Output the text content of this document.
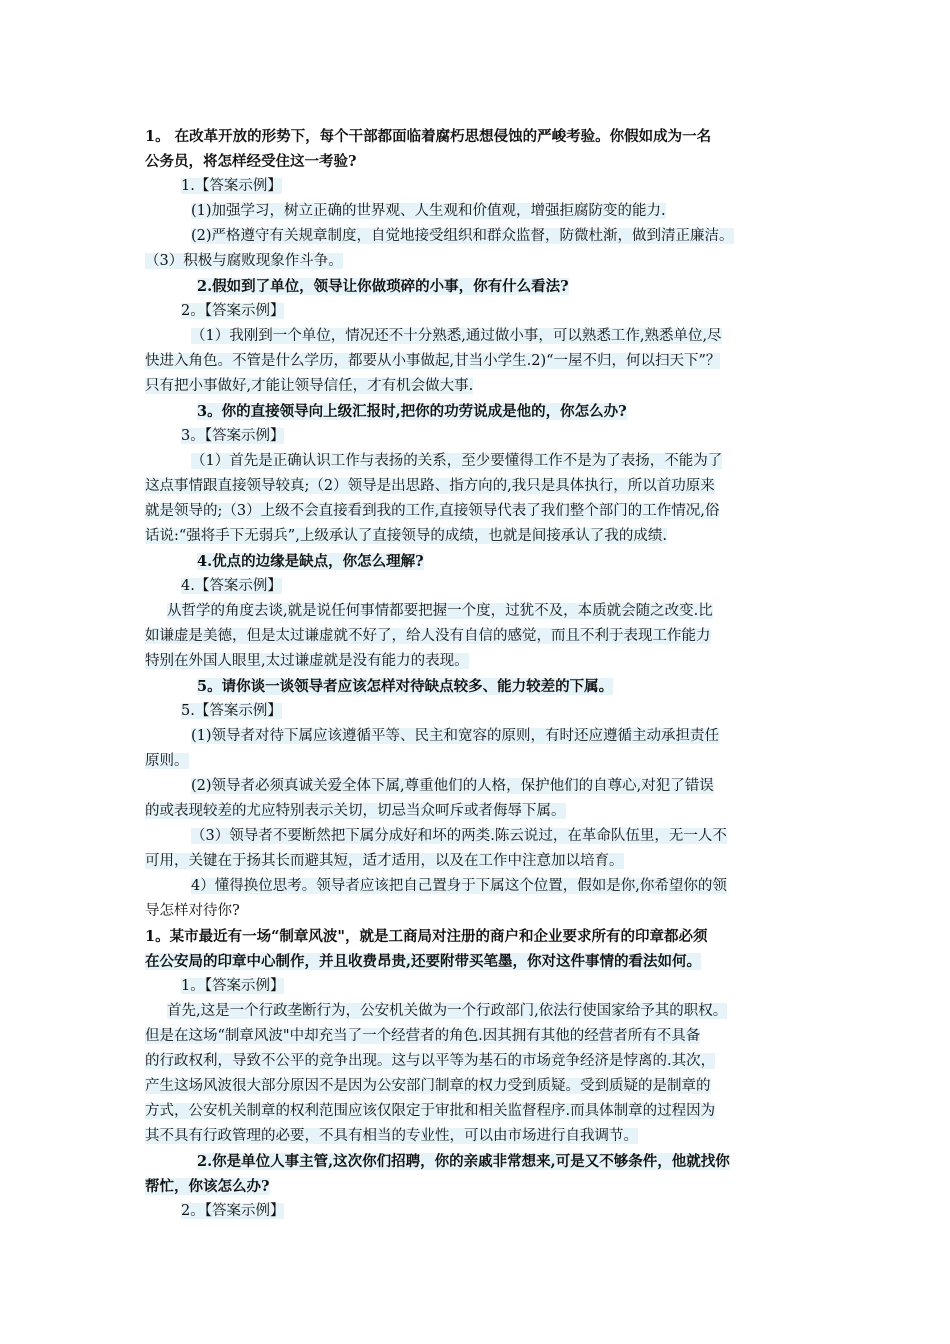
1。 在改革开放的形势下，每个干部都面临着腐朽思想侵蚀的严峻考验。你假如成为一名
公务员，将怎样经受住这一考验?
1.【答案示例】
(1)加强学习，树立正确的世界观、人生观和价值观，增强拒腐防变的能力.
(2)严格遵守有关规章制度，自觉地接受组织和群众监督，防微杜渐，做到清正廉洁。
（3）积极与腐败现象作斗争。
2.假如到了单位，领导让你做琐碎的小事，你有什么看法?
2。【答案示例】
（1）我刚到一个单位，情况还不十分熟悉,通过做小事，可以熟悉工作,熟悉单位,尽
快进入角色。不管是什么学历，都要从小事做起,甘当小学生.2)“一屋不归，何以扫天下”？
只有把小事做好,才能让领导信任，才有机会做大事.
3。你的直接领导向上级汇报时,把你的功劳说成是他的，你怎么办?
3。【答案示例】
（1）首先是正确认识工作与表扬的关系，至少要懂得工作不是为了表扬，不能为了
这点事情跟直接领导较真;（2）领导是出思路、指方向的,我只是具体执行，所以首功原来
就是领导的;（3）上级不会直接看到我的工作,直接领导代表了我们整个部门的工作情况,俗
话说:“强将手下无弱兵”,上级承认了直接领导的成绩，也就是间接承认了我的成绩.
4.优点的边缘是缺点，你怎么理解?
4.【答案示例】
从哲学的角度去谈,就是说任何事情都要把握一个度，过犹不及，本质就会随之改变.比
如谦虚是美德，但是太过谦虚就不好了，给人没有自信的感觉，而且不利于表现工作能力
特别在外国人眼里,太过谦虚就是没有能力的表现。
5。请你谈一谈领导者应该怎样对待缺点较多、能力较差的下属。
5.【答案示例】
(1)领导者对待下属应该遵循平等、民主和宽容的原则，有时还应遵循主动承担责任
原则。
(2)领导者必须真诚关爱全体下属,尊重他们的人格，保护他们的自尊心,对犯了错误
的或表现较差的尤应特别表示关切，切忌当众呵斥或者侮辱下属。
（3）领导者不要断然把下属分成好和坏的两类.陈云说过，在革命队伍里，无一人不
可用，关键在于扬其长而避其短，适才适用，以及在工作中注意加以培育。
4）懂得换位思考。领导者应该把自己置身于下属这个位置，假如是你,你希望你的领
导怎样对待你?
1。某市最近有一场“制章风波"，就是工商局对注册的商户和企业要求所有的印章都必须
在公安局的印章中心制作，并且收费昂贵,还要附带买笔墨，你对这件事情的看法如何。
1。【答案示例】
首先,这是一个行政垄断行为，公安机关做为一个行政部门,依法行使国家给予其的职权。
但是在这场“制章风波"中却充当了一个经营者的角色.因其拥有其他的经营者所有不具备
的行政权利，导致不公平的竞争出现。这与以平等为基石的市场竞争经济是悖离的.其次，
产生这场风波很大部分原因不是因为公安部门制章的权力受到质疑。受到质疑的是制章的
方式，公安机关制章的权利范围应该仅限定于审批和相关监督程序.而具体制章的过程因为
其不具有行政管理的必要，不具有相当的专业性，可以由市场进行自我调节。
2.你是单位人事主管,这次你们招聘，你的亲戚非常想来,可是又不够条件，他就找你
帮忙，你该怎么办?
2。【答案示例】
